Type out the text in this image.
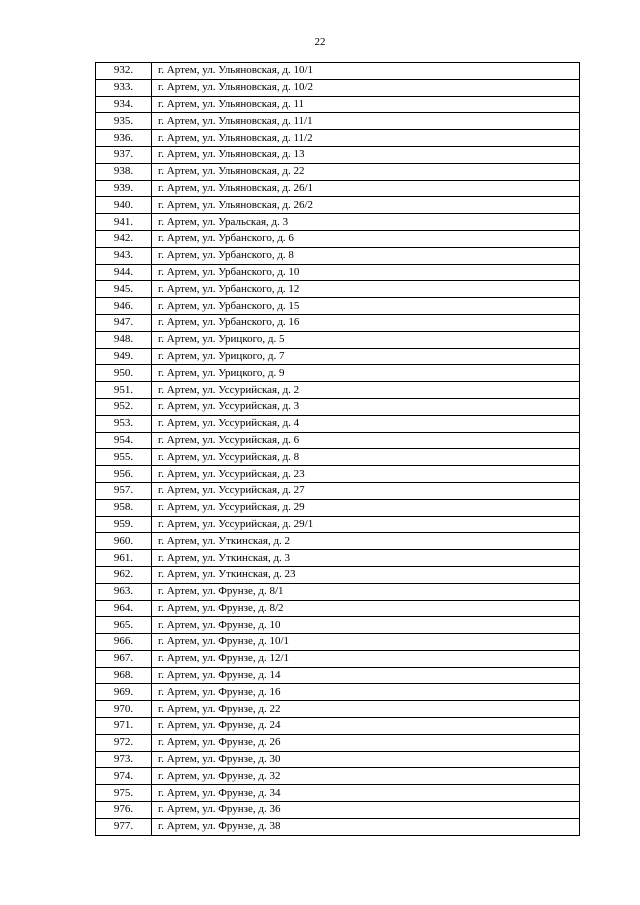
22
932.	г. Артем, ул. Ульяновская, д. 10/1
933.	г. Артем, ул. Ульяновская, д. 10/2
934.	г. Артем, ул. Ульяновская, д. 11
935.	г. Артем, ул. Ульяновская, д. 11/1
936.	г. Артем, ул. Ульяновская, д. 11/2
937.	г. Артем, ул. Ульяновская, д. 13
938.	г. Артем, ул. Ульяновская, д. 22
939.	г. Артем, ул. Ульяновская, д. 26/1
940.	г. Артем, ул. Ульяновская, д. 26/2
941.	г. Артем, ул. Уральская, д. 3
942.	г. Артем, ул. Урбанского, д. 6
943.	г. Артем, ул. Урбанского, д. 8
944.	г. Артем, ул. Урбанского, д. 10
945.	г. Артем, ул. Урбанского, д. 12
946.	г. Артем, ул. Урбанского, д. 15
947.	г. Артем, ул. Урбанского, д. 16
948.	г. Артем, ул. Урицкого, д. 5
949.	г. Артем, ул. Урицкого, д. 7
950.	г. Артем, ул. Урицкого, д. 9
951.	г. Артем, ул. Уссурийская, д. 2
952.	г. Артем, ул. Уссурийская, д. 3
953.	г. Артем, ул. Уссурийская, д. 4
954.	г. Артем, ул. Уссурийская, д. 6
955.	г. Артем, ул. Уссурийская, д. 8
956.	г. Артем, ул. Уссурийская, д. 23
957.	г. Артем, ул. Уссурийская, д. 27
958.	г. Артем, ул. Уссурийская, д. 29
959.	г. Артем, ул. Уссурийская, д. 29/1
960.	г. Артем, ул. Уткинская, д. 2
961.	г. Артем, ул. Уткинская, д. 3
962.	г. Артем, ул. Уткинская, д. 23
963.	г. Артем, ул. Фрунзе, д. 8/1
964.	г. Артем, ул. Фрунзе, д. 8/2
965.	г. Артем, ул. Фрунзе, д. 10
966.	г. Артем, ул. Фрунзе, д. 10/1
967.	г. Артем, ул. Фрунзе, д. 12/1
968.	г. Артем, ул. Фрунзе, д. 14
969.	г. Артем, ул. Фрунзе, д. 16
970.	г. Артем, ул. Фрунзе, д. 22
971.	г. Артем, ул. Фрунзе, д. 24
972.	г. Артем, ул. Фрунзе, д. 26
973.	г. Артем, ул. Фрунзе, д. 30
974.	г. Артем, ул. Фрунзе, д. 32
975.	г. Артем, ул. Фрунзе, д. 34
976.	г. Артем, ул. Фрунзе, д. 36
977.	г. Артем, ул. Фрунзе, д. 38
